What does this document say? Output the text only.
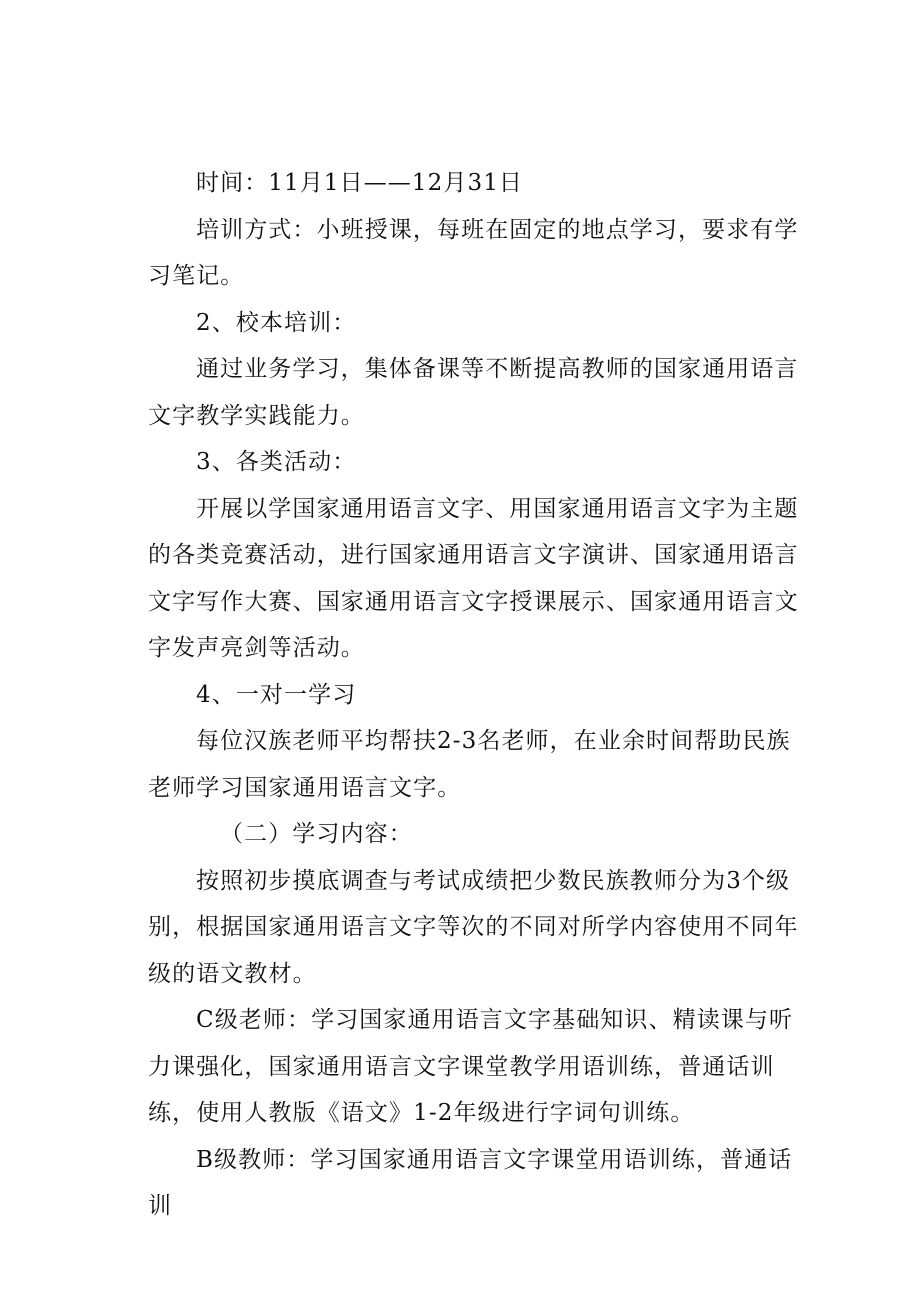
时间：11月1日——12月31日

培训方式：小班授课，每班在固定的地点学习，要求有学习笔记。

2、校本培训：

通过业务学习，集体备课等不断提高教师的国家通用语言文字教学实践能力。

3、各类活动：

开展以学国家通用语言文字、用国家通用语言文字为主题的各类竞赛活动，进行国家通用语言文字演讲、国家通用语言文字写作大赛、国家通用语言文字授课展示、国家通用语言文字发声亮剑等活动。

4、一对一学习

每位汉族老师平均帮扶2-3名老师，在业余时间帮助民族老师学习国家通用语言文字。

（二）学习内容：

按照初步摸底调查与考试成绩把少数民族教师分为3个级别，根据国家通用语言文字等次的不同对所学内容使用不同年级的语文教材。

C级老师：学习国家通用语言文字基础知识、精读课与听力课强化，国家通用语言文字课堂教学用语训练，普通话训练，使用人教版《语文》1-2年级进行字词句训练。

B级教师：学习国家通用语言文字课堂用语训练，普通话训
